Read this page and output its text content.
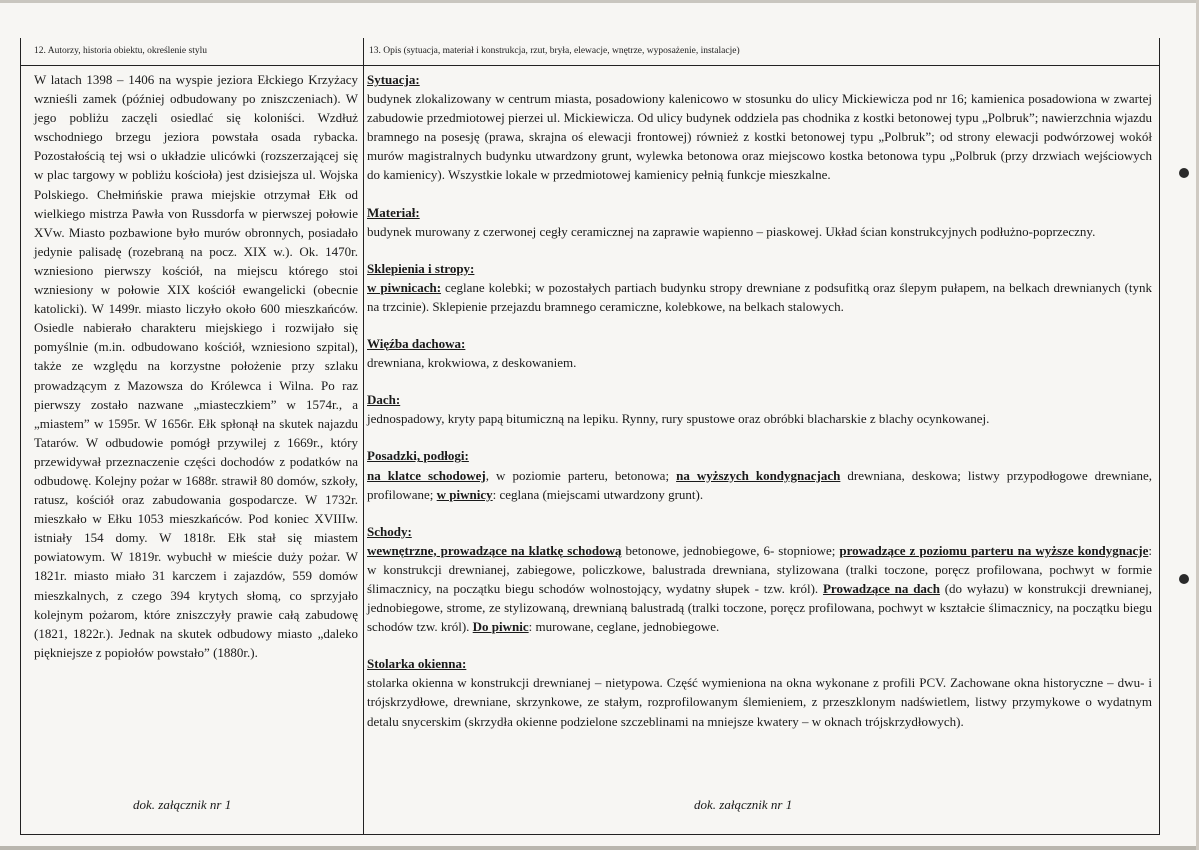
12. Autorzy, historia obiektu, określenie stylu	13. Opis (sytuacja, materiał i konstrukcja, rzut, bryła, elewacje, wnętrze, wyposażenie, instalacje)

W latach 1398 – 1406 na wyspie jeziora Ełckiego Krzyżacy wznieśli zamek (później odbudowany po zniszczeniach). W jego pobliżu zaczęli osiedlać się koloniści. Wzdłuż wschodniego brzegu jeziora powstała osada rybacka. Pozostałością tej wsi o układzie ulicówki (rozszerzającej się w plac targowy w pobliżu kościoła) jest dzisiejsza ul. Wojska Polskiego. Chełmińskie prawa miejskie otrzymał Ełk od wielkiego mistrza Pawła von Russdorfa w pierwszej połowie XVw. Miasto pozbawione było murów obronnych, posiadało jedynie palisadę (rozebraną na pocz. XIX w.). Ok. 1470r. wzniesiono pierwszy kościół, na miejscu którego stoi wzniesiony w połowie XIX kościół ewangelicki (obecnie katolicki). W 1499r. miasto liczyło około 600 mieszkańców. Osiedle nabierało charakteru miejskiego i rozwijało się pomyślnie (m.in. odbudowano kościół, wzniesiono szpital), także ze względu na korzystne położenie przy szlaku prowadzącym z Mazowsza do Królewca i Wilna. Po raz pierwszy zostało nazwane „miasteczkiem” w 1574r., a „miastem” w 1595r. W 1656r. Ełk spłonął na skutek najazdu Tatarów. W odbudowie pomógł przywilej z 1669r., który przewidywał przeznaczenie części dochodów z podatków na odbudowę. Kolejny pożar w 1688r. strawił 80 domów, szkoły, ratusz, kościół oraz zabudowania gospodarcze. W 1732r. mieszkało w Ełku 1053 mieszkańców. Pod koniec XVIIIw. istniały 154 domy. W 1818r. Ełk stał się miastem powiatowym. W 1819r. wybuchł w mieście duży pożar. W 1821r. miasto miało 31 karczem i zajazdów, 559 domów mieszkalnych, z czego 394 krytych słomą, co sprzyjało kolejnym pożarom, które zniszczyły prawie całą zabudowę (1821, 1822r.). Jednak na skutek odbudowy miasto „daleko piękniejsze z popiołów powstało” (1880r.).

dok. załącznik nr 1
Sytuacja:

budynek zlokalizowany w centrum miasta, posadowiony kalenicowo w stosunku do ulicy Mickiewicza pod nr 16; kamienica posadowiona w zwartej zabudowie przedmiotowej pierzei ul. Mickiewicza. Od ulicy budynek oddziela pas chodnika z kostki betonowej typu „Polbruk”; nawierzchnia wjazdu bramnego na posesję (prawa, skrajna oś elewacji frontowej) również z kostki betonowej typu „Polbruk”; od strony elewacji podwórzowej wokół murów magistralnych budynku utwardzony grunt, wylewka betonowa oraz miejscowo kostka betonowa typu „Polbruk (przy drzwiach wejściowych do kamienicy). Wszystkie lokale w przedmiotowej kamienicy pełnią funkcje mieszkalne.

Materiał:

budynek murowany z czerwonej cegły ceramicznej na zaprawie wapienno – piaskowej. Układ ścian konstrukcyjnych podłużno-poprzeczny.

Sklepienia i stropy:

w piwnicach: ceglane kolebki; w pozostałych partiach budynku stropy drewniane z podsufitką oraz ślepym pułapem, na belkach drewnianych (tynk na trzcinie). Sklepienie przejazdu bramnego ceramiczne, kolebkowe, na belkach stalowych.

Więźba dachowa:

drewniana, krokwiowa, z deskowaniem.

Dach:

jednospadowy, kryty papą bitumiczną na lepiku. Rynny, rury spustowe oraz obróbki blacharskie z blachy ocynkowanej.

Posadzki, podłogi:

na klatce schodowej, w poziomie parteru, betonowa; na wyższych kondygnacjach drewniana, deskowa; listwy przypodłogowe drewniane, profilowane; w piwnicy: ceglana (miejscami utwardzony grunt).

Schody:

wewnętrzne, prowadzące na klatkę schodową betonowe, jednobiegowe, 6- stopniowe; prowadzące z poziomu parteru na wyższe kondygnacje: w konstrukcji drewnianej, zabiegowe, policzkowe, balustrada drewniana, stylizowana (tralki toczone, poręcz profilowana, pochwyt w formie ślimacznicy, na początku biegu schodów wolnostojący, wydatny słupek - tzw. król). Prowadzące na dach (do wyłazu) w konstrukcji drewnianej, jednobiegowe, strome, ze stylizowaną, drewnianą balustradą (tralki toczone, poręcz profilowana, pochwyt w kształcie ślimacznicy, na początku biegu schodów tzw. król). Do piwnic: murowane, ceglane, jednobiegowe.

Stolarka okienna:

stolarka okienna w konstrukcji drewnianej – nietypowa. Część wymieniona na okna wykonane z profili PCV. Zachowane okna historyczne – dwu- i trójskrzydłowe, drewniane, skrzynkowe, ze stałym, rozprofilowanym ślemieniem, z przeszklonym nadświetlem, listwy przymykowe o wydatnym detalu snycerskim (skrzydła okienne podzielone szczeblinami na mniejsze kwatery – w oknach trójskrzydłowych).

dok. załącznik nr 1
